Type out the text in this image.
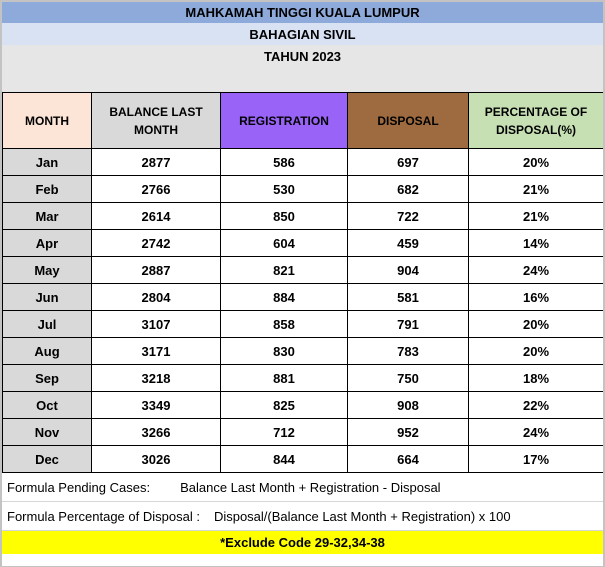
MAHKAMAH TINGGI KUALA LUMPUR
BAHAGIAN SIVIL
TAHUN 2023
MONTH	BALANCE LAST MONTH	REGISTRATION	DISPOSAL	PERCENTAGE OF DISPOSAL(%)
Jan	2877	586	697	20%
Feb	2766	530	682	21%
Mar	2614	850	722	21%
Apr	2742	604	459	14%
May	2887	821	904	24%
Jun	2804	884	581	16%
Jul	3107	858	791	20%
Aug	3171	830	783	20%
Sep	3218	881	750	18%
Oct	3349	825	908	22%
Nov	3266	712	952	24%
Dec	3026	844	664	17%
Formula Pending Cases: Balance Last Month + Registration - Disposal
Formula Percentage of Disposal : Disposal/(Balance Last Month + Registration) x 100
*Exclude Code 29-32,34-38
